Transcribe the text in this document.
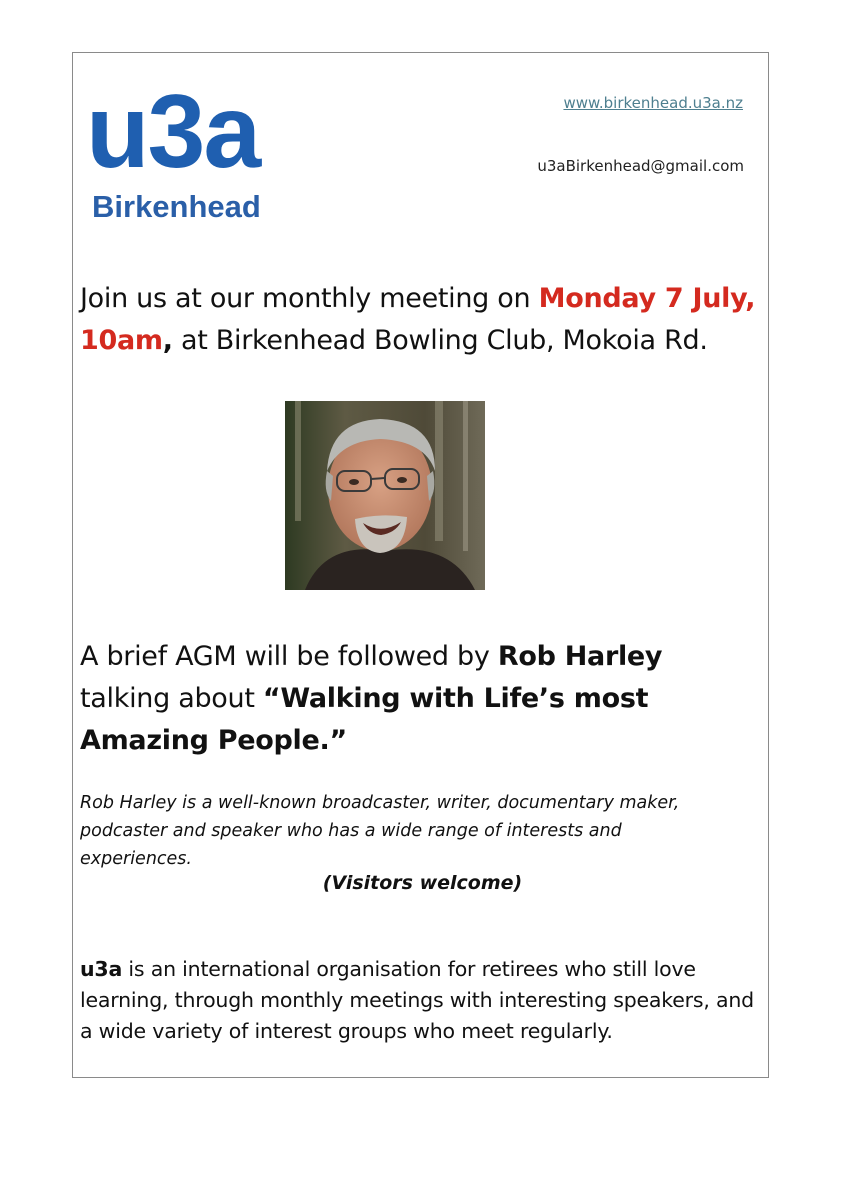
u3a
Birkenhead
www.birkenhead.u3a.nz
u3aBirkenhead@gmail.com

Join us at our monthly meeting on Monday 7 July, 10am, at Birkenhead Bowling Club, Mokoia Rd.

A brief AGM will be followed by Rob Harley talking about “Walking with Life’s most Amazing People.”

Rob Harley is a well-known broadcaster, writer, documentary maker, podcaster and speaker who has a wide range of interests and experiences.

(Visitors welcome)

u3a is an international organisation for retirees who still love learning, through monthly meetings with interesting speakers, and a wide variety of interest groups who meet regularly.
